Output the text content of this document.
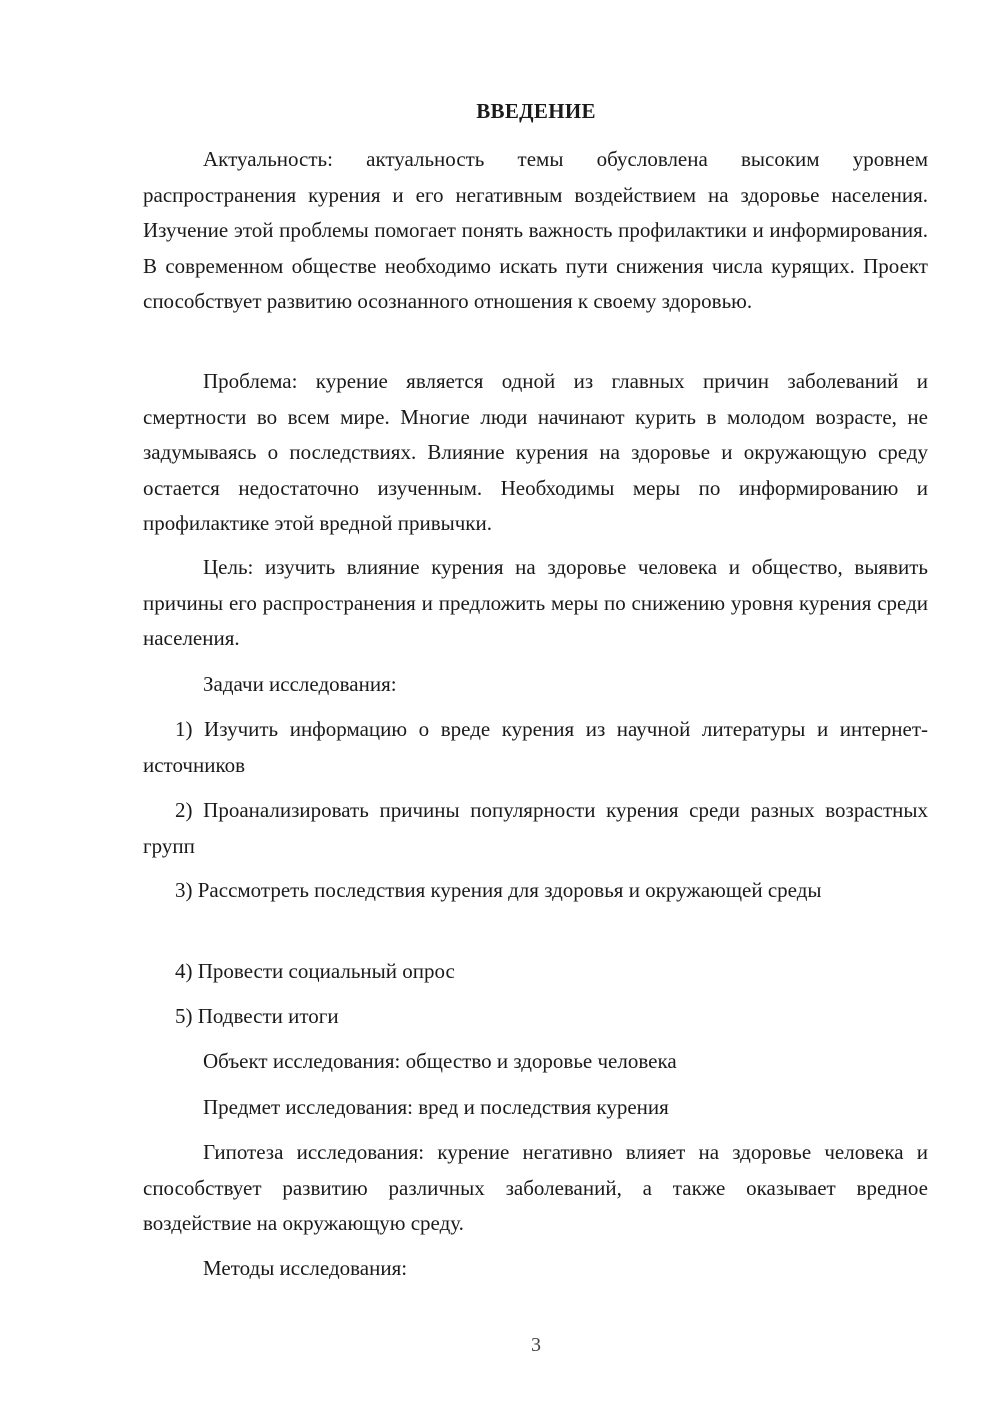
ВВЕДЕНИЕ

Актуальность: актуальность темы обусловлена высоким уровнем распространения курения и его негативным воздействием на здоровье населения. Изучение этой проблемы помогает понять важность профилактики и информирования. В современном обществе необходимо искать пути снижения числа курящих. Проект способствует развитию осознанного отношения к своему здоровью.

Проблема: курение является одной из главных причин заболеваний и смертности во всем мире. Многие люди начинают курить в молодом возрасте, не задумываясь о последствиях. Влияние курения на здоровье и окружающую среду остается недостаточно изученным. Необходимы меры по информированию и профилактике этой вредной привычки.

Цель: изучить влияние курения на здоровье человека и общество, выявить причины его распространения и предложить меры по снижению уровня курения среди населения.

Задачи исследования:

1) Изучить информацию о вреде курения из научной литературы и интернет-источников

2) Проанализировать причины популярности курения среди разных возрастных групп

3) Рассмотреть последствия курения для здоровья и окружающей среды

4) Провести социальный опрос

5) Подвести итоги

Объект исследования: общество и здоровье человека

Предмет исследования: вред и последствия курения

Гипотеза исследования: курение негативно влияет на здоровье человека и способствует развитию различных заболеваний, а также оказывает вредное воздействие на окружающую среду.

Методы исследования:

3
